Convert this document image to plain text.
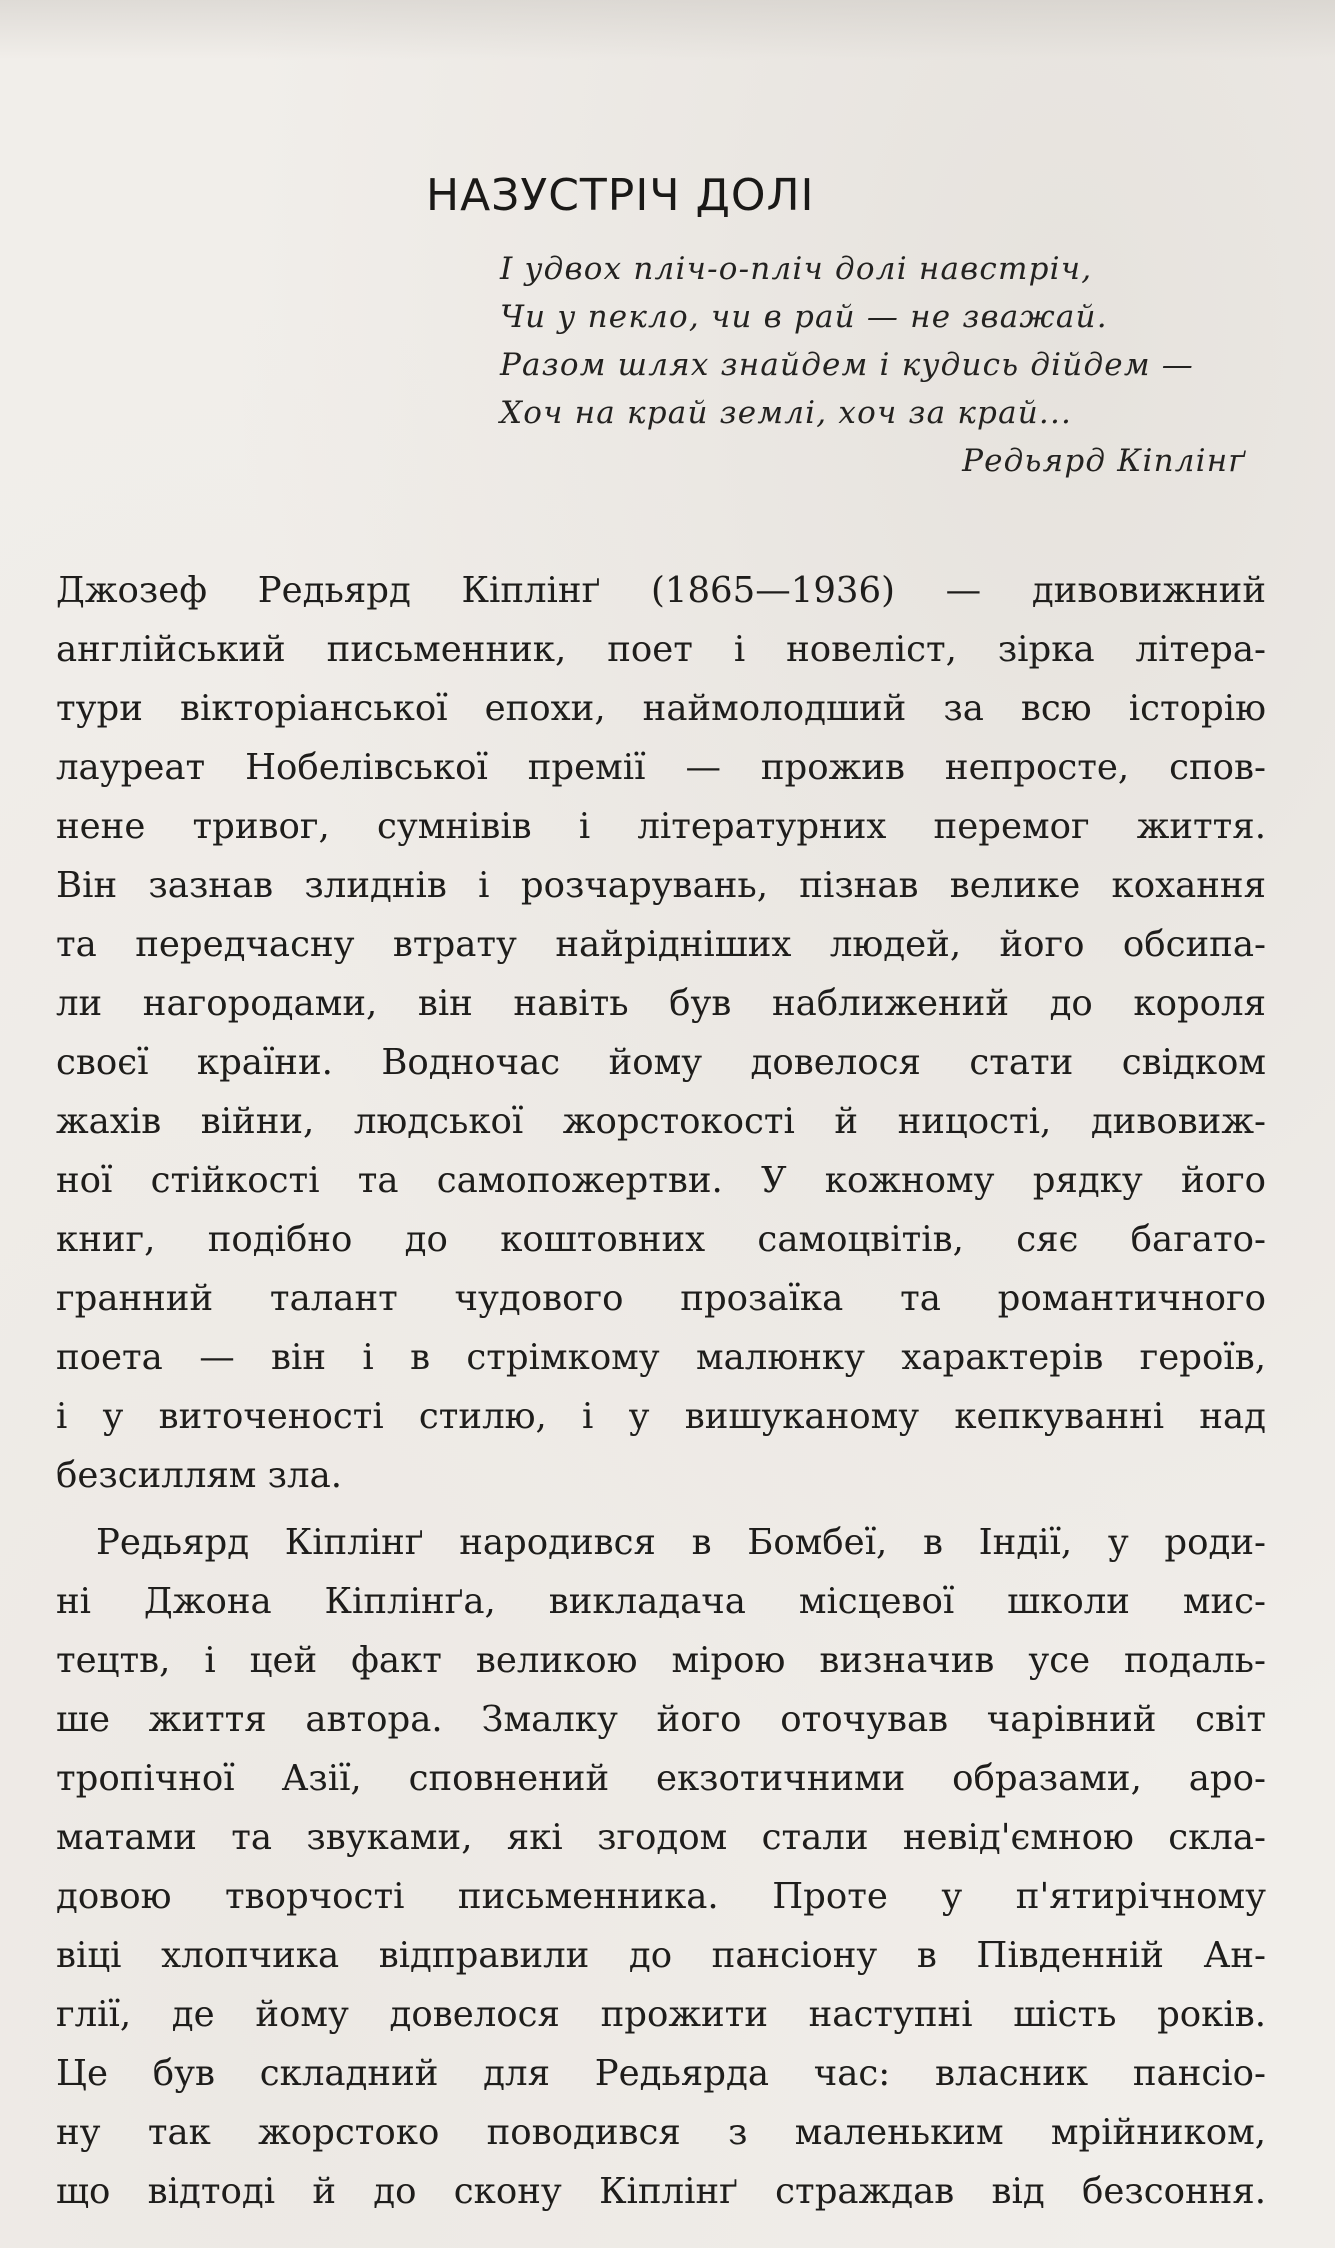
НАЗУСТРІЧ ДОЛІ
І удвох пліч-о-пліч долі навстріч,
Чи у пекло, чи в рай — не зважай.
Разом шлях знайдем і кудись дійдем —
Хоч на край землі, хоч за край...
Редьярд Кіплінґ
Джозеф Редьярд Кіплінґ (1865—1936) — дивовижний
англійський письменник, поет і новеліст, зірка літера-
тури вікторіанської епохи, наймолодший за всю історію
лауреат Нобелівської премії — прожив непросте, спов-
нене тривог, сумнівів і літературних перемог життя.
Він зазнав злиднів і розчарувань, пізнав велике кохання
та передчасну втрату найрідніших людей, його обсипа-
ли нагородами, він навіть був наближений до короля
своєї країни. Водночас йому довелося стати свідком
жахів війни, людської жорстокості й ницості, дивовиж-
ної стійкості та самопожертви. У кожному рядку його
книг, подібно до коштовних самоцвітів, сяє багато-
гранний талант чудового прозаїка та романтичного
поета — він і в стрімкому малюнку характерів героїв,
і у виточеності стилю, і у вишуканому кепкуванні над
безсиллям зла.
Редьярд Кіплінґ народився в Бомбеї, в Індії, у роди-
ні Джона Кіплінґа, викладача місцевої школи мис-
тецтв, і цей факт великою мірою визначив усе подаль-
ше життя автора. Змалку його оточував чарівний світ
тропічної Азії, сповнений екзотичними образами, аро-
матами та звуками, які згодом стали невід'ємною скла-
довою творчості письменника. Проте у п'ятирічному
віці хлопчика відправили до пансіону в Південній Ан-
глії, де йому довелося прожити наступні шість років.
Це був складний для Редьярда час: власник пансіо-
ну так жорстоко поводився з маленьким мрійником,
що відтоді й до скону Кіплінґ страждав від безсоння.
